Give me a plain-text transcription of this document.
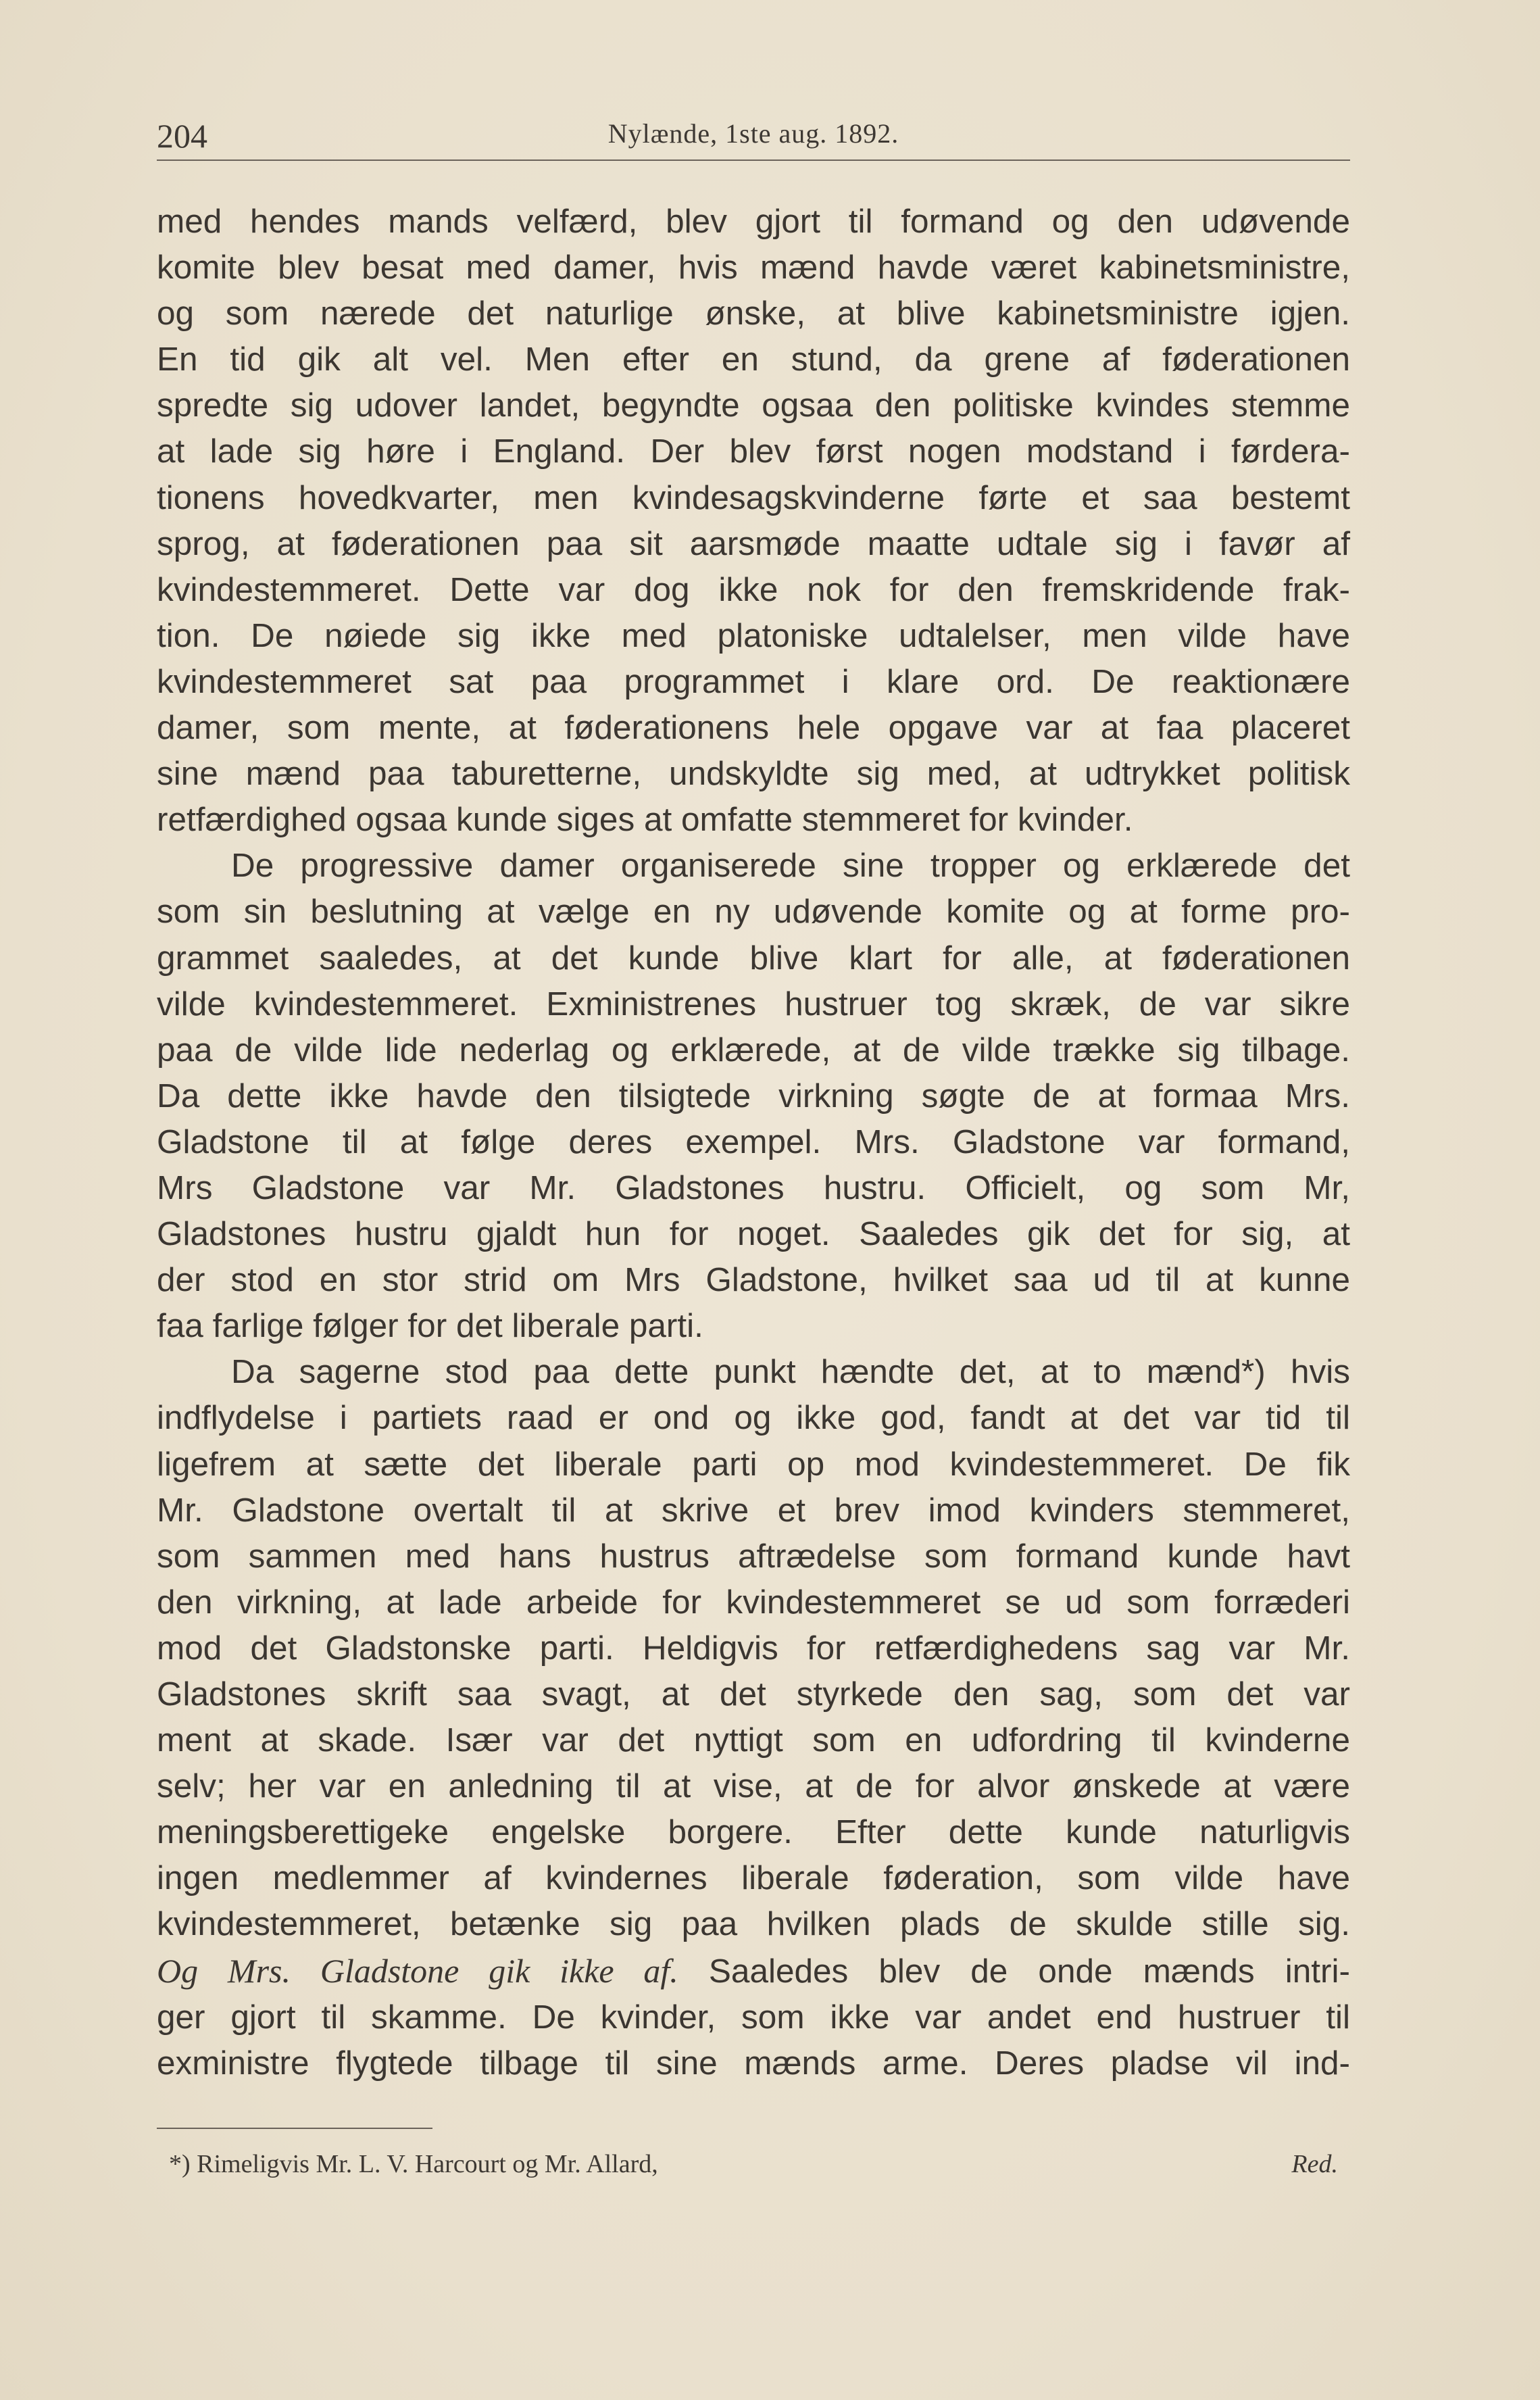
204	Nylænde, 1ste aug. 1892.

med hendes mands velfærd, blev gjort til formand og den udøvende

komite blev besat med damer, hvis mænd havde været kabinetsministre,

og som nærede det naturlige ønske, at blive kabinetsministre igjen.

En tid gik alt vel. Men efter en stund, da grene af føderationen

spredte sig udover landet, begyndte ogsaa den politiske kvindes stemme

at lade sig høre i England. Der blev først nogen modstand i førdera-

tionens hovedkvarter, men kvindesagskvinderne førte et saa bestemt

sprog, at føderationen paa sit aarsmøde maatte udtale sig i favør af

kvindestemmeret. Dette var dog ikke nok for den fremskridende frak-

tion. De nøiede sig ikke med platoniske udtalelser, men vilde have

kvindestemmeret sat paa programmet i klare ord. De reaktionære

damer, som mente, at føderationens hele opgave var at faa placeret

sine mænd paa taburetterne, undskyldte sig med, at udtrykket politisk

retfærdighed ogsaa kunde siges at omfatte stemmeret for kvinder.

De progressive damer organiserede sine tropper og erklærede det

som sin beslutning at vælge en ny udøvende komite og at forme pro-

grammet saaledes, at det kunde blive klart for alle, at føderationen

vilde kvindestemmeret. Exministrenes hustruer tog skræk, de var sikre

paa de vilde lide nederlag og erklærede, at de vilde trække sig tilbage.

Da dette ikke havde den tilsigtede virkning søgte de at formaa Mrs.

Gladstone til at følge deres exempel. Mrs. Gladstone var formand,

Mrs Gladstone var Mr. Gladstones hustru. Officielt, og som Mr,

Gladstones hustru gjaldt hun for noget. Saaledes gik det for sig, at

der stod en stor strid om Mrs Gladstone, hvilket saa ud til at kunne

faa farlige følger for det liberale parti.

Da sagerne stod paa dette punkt hændte det, at to mænd*) hvis

indflydelse i partiets raad er ond og ikke god, fandt at det var tid til

ligefrem at sætte det liberale parti op mod kvindestemmeret. De fik

Mr. Gladstone overtalt til at skrive et brev imod kvinders stemmeret,

som sammen med hans hustrus aftrædelse som formand kunde havt

den virkning, at lade arbeide for kvindestemmeret se ud som forræderi

mod det Gladstonske parti. Heldigvis for retfærdighedens sag var Mr.

Gladstones skrift saa svagt, at det styrkede den sag, som det var

ment at skade. Især var det nyttigt som en udfordring til kvinderne

selv; her var en anledning til at vise, at de for alvor ønskede at være

meningsberettigeke engelske borgere. Efter dette kunde naturligvis

ingen medlemmer af kvindernes liberale føderation, som vilde have

kvindestemmeret, betænke sig paa hvilken plads de skulde stille sig.

Og Mrs. Gladstone gik ikke af. Saaledes blev de onde mænds intri-

ger gjort til skamme. De kvinder, som ikke var andet end hustruer til

exministre flygtede tilbage til sine mænds arme. Deres pladse vil ind-

*) Rimeligvis Mr. L. V. Harcourt og Mr. Allard,	Red.
